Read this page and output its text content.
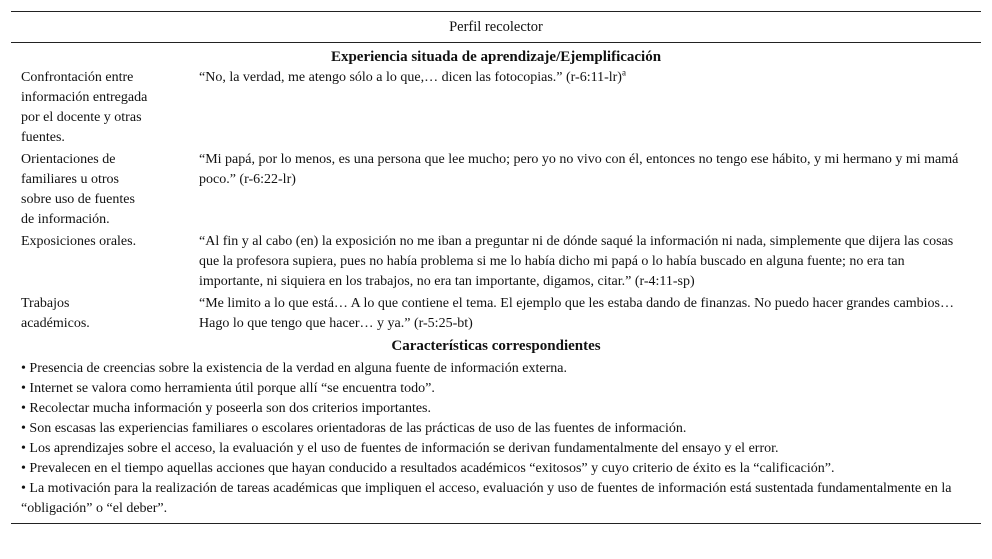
Perfil recolector
Experiencia situada de aprendizaje/Ejemplificación
Confrontación entre información entregada por el docente y otras fuentes.
“No, la verdad, me atengo sólo a lo que,… dicen las fotocopias.” (r-6:11-lr)$^a$
Orientaciones de familiares u otros sobre uso de fuentes de información.
“Mi papá, por lo menos, es una persona que lee mucho; pero yo no vivo con él, entonces no tengo ese hábito, y mi hermano y mi mamá poco.” (r-6:22-lr)
Exposiciones orales.	“Al fin y al cabo (en) la exposición no me iban a preguntar ni de dónde saqué la información ni nada, simplemente que dijera las cosas que la profesora supiera, pues no había problema si me lo había dicho mi papá o lo había buscado en alguna fuente; no era tan importante, ni siquiera en los trabajos, no era tan importante, digamos, citar.” (r-4:11-sp)
Trabajos académicos.
“Me limito a lo que está… A lo que contiene el tema. El ejemplo que les estaba dando de finanzas. No puedo hacer grandes cambios… Hago lo que tengo que hacer… y ya.” (r-5:25-bt)
Características correspondientes
• Presencia de creencias sobre la existencia de la verdad en alguna fuente de información externa.
• Internet se valora como herramienta útil porque allí “se encuentra todo”.
• Recolectar mucha información y poseerla son dos criterios importantes.
• Son escasas las experiencias familiares o escolares orientadoras de las prácticas de uso de las fuentes de información.
• Los aprendizajes sobre el acceso, la evaluación y el uso de fuentes de información se derivan fundamentalmente del ensayo y el error.
• Prevalecen en el tiempo aquellas acciones que hayan conducido a resultados académicos “exitosos” y cuyo criterio de éxito es la “calificación”.
• La motivación para la realización de tareas académicas que impliquen el acceso, evaluación y uso de fuentes de información está sustentada fundamentalmente en la “obligación” o “el deber”.
